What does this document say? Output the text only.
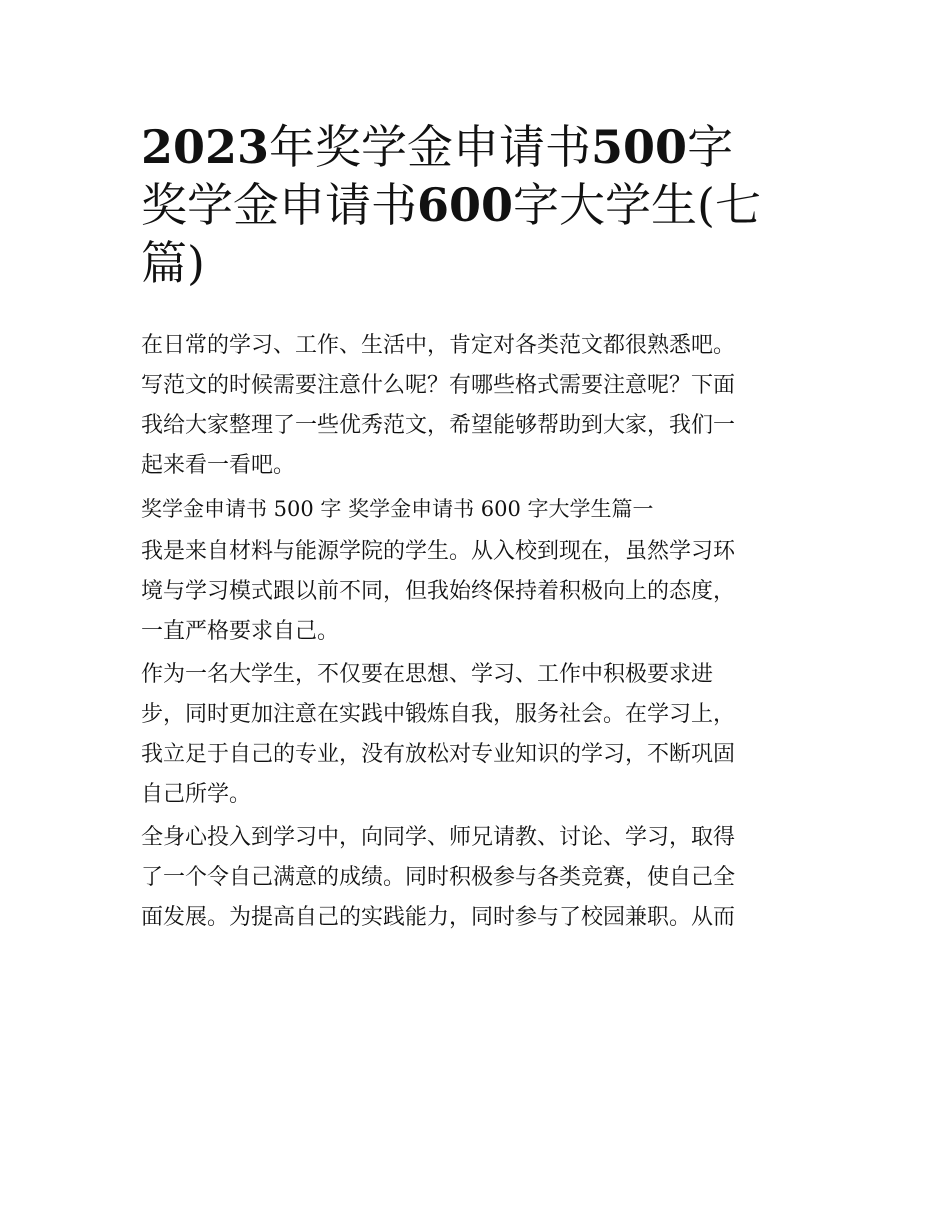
2023年奖学金申请书500字
奖学金申请书600字大学生(七
篇)

在日常的学习、工作、生活中，肯定对各类范文都很熟悉吧。
写范文的时候需要注意什么呢？有哪些格式需要注意呢？下面
我给大家整理了一些优秀范文，希望能够帮助到大家，我们一
起来看一看吧。

奖学金申请书 500 字 奖学金申请书 600 字大学生篇一

我是来自材料与能源学院的学生。从入校到现在，虽然学习环
境与学习模式跟以前不同，但我始终保持着积极向上的态度，
一直严格要求自己。

作为一名大学生，不仅要在思想、学习、工作中积极要求进
步，同时更加注意在实践中锻炼自我，服务社会。在学习上，
我立足于自己的专业，没有放松对专业知识的学习，不断巩固
自己所学。

全身心投入到学习中，向同学、师兄请教、讨论、学习，取得
了一个令自己满意的成绩。同时积极参与各类竞赛，使自己全
面发展。为提高自己的实践能力，同时参与了校园兼职。从而
